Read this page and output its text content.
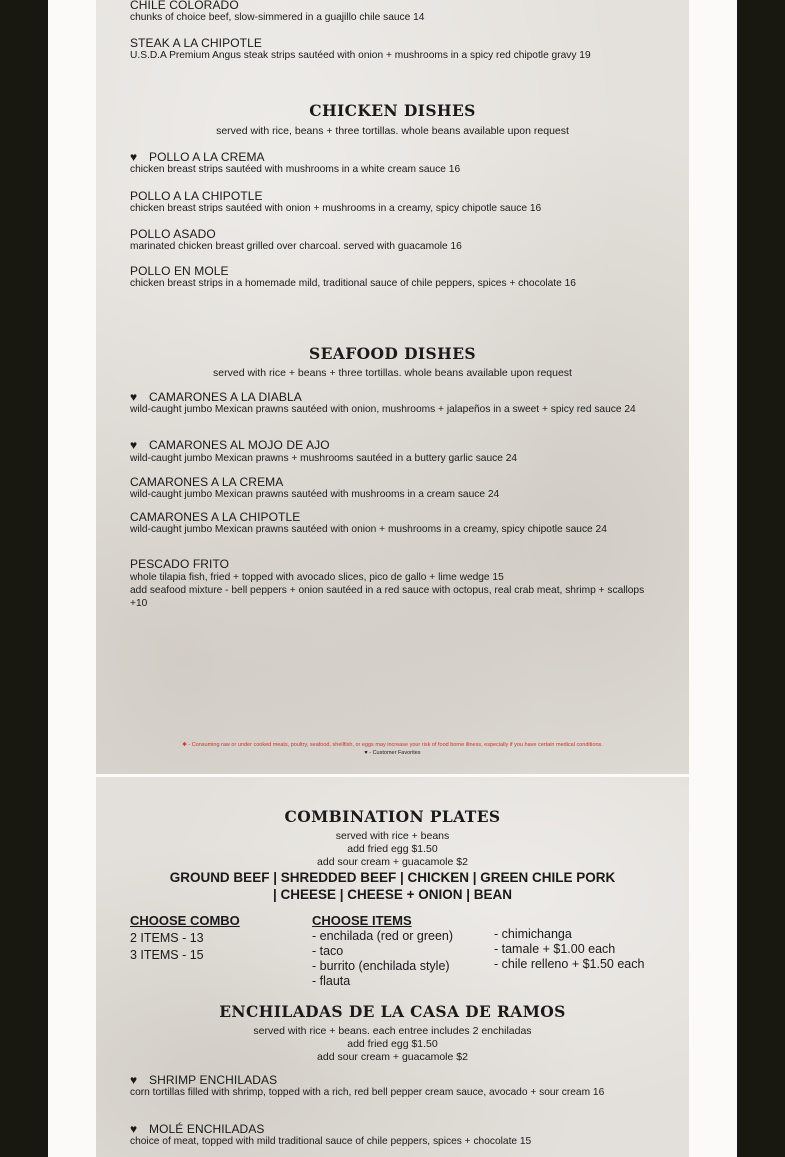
CHILE COLORADO
chunks of choice beef, slow-simmered in a guajillo chile sauce 14
STEAK A LA CHIPOTLE
U.S.D.A Premium Angus steak strips sautéed with onion + mushrooms in a spicy red chipotle gravy 19
CHICKEN DISHES
served with rice, beans + three tortillas. whole beans available upon request
♥ POLLO A LA CREMA
chicken breast strips sautéed with mushrooms in a white cream sauce 16
POLLO A LA CHIPOTLE
chicken breast strips sautéed with onion + mushrooms in a creamy, spicy chipotle sauce 16
POLLO ASADO
marinated chicken breast grilled over charcoal. served with guacamole 16
POLLO EN MOLE
chicken breast strips in a homemade mild, traditional sauce of chile peppers, spices + chocolate 16
SEAFOOD DISHES
served with rice + beans + three tortillas. whole beans available upon request
♥ CAMARONES A LA DIABLA
wild-caught jumbo Mexican prawns sautéed with onion, mushrooms + jalapeños in a sweet + spicy red sauce 24
♥ CAMARONES AL MOJO DE AJO
wild-caught jumbo Mexican prawns + mushrooms sautéed in a buttery garlic sauce 24
CAMARONES A LA CREMA
wild-caught jumbo Mexican prawns sautéed with mushrooms in a cream sauce 24
CAMARONES A LA CHIPOTLE
wild-caught jumbo Mexican prawns sautéed with onion + mushrooms in a creamy, spicy chipotle sauce 24
PESCADO FRITO
whole tilapia fish, fried + topped with avocado slices, pico de gallo + lime wedge 15
add seafood mixture - bell peppers + onion sautéed in a red sauce with octopus, real crab meat, shrimp + scallops +10
✱ - Consuming raw or under cooked meats, poultry, seafood, shellfish, or eggs may increase your risk of food borne illness, especially if you have certain medical conditions.
♥ - Customer Favorites
COMBINATION PLATES
served with rice + beans
add fried egg $1.50
add sour cream + guacamole $2
GROUND BEEF | SHREDDED BEEF | CHICKEN | GREEN CHILE PORK
| CHEESE | CHEESE + ONION | BEAN
CHOOSE COMBO
2 ITEMS - 13
3 ITEMS - 15
CHOOSE ITEMS
- enchilada (red or green)
- taco
- burrito (enchilada style)
- flauta
- chimichanga
- tamale + $1.00 each
- chile relleno + $1.50 each
ENCHILADAS DE LA CASA DE RAMOS
served with rice + beans. each entree includes 2 enchiladas
add fried egg $1.50
add sour cream + guacamole $2
♥ SHRIMP ENCHILADAS
corn tortillas filled with shrimp, topped with a rich, red bell pepper cream sauce, avocado + sour cream 16
♥ MOLÉ ENCHILADAS
choice of meat, topped with mild traditional sauce of chile peppers, spices + chocolate 15
